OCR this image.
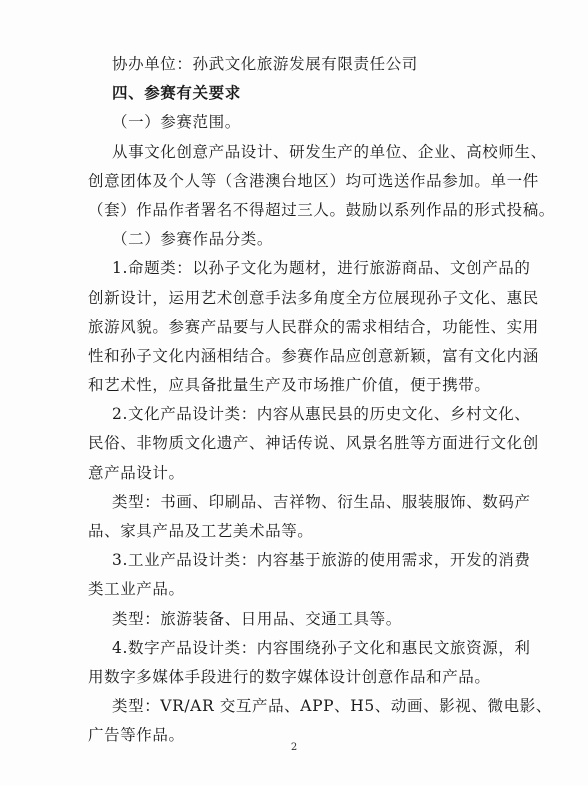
协办单位：孙武文化旅游发展有限责任公司
四、参赛有关要求
（一）参赛范围。
从事文化创意产品设计、研发生产的单位、企业、高校师生、
创意团体及个人等（含港澳台地区）均可选送作品参加。单一件
（套）作品作者署名不得超过三人。鼓励以系列作品的形式投稿。
（二）参赛作品分类。
1.命题类：以孙子文化为题材，进行旅游商品、文创产品的
创新设计，运用艺术创意手法多角度全方位展现孙子文化、惠民
旅游风貌。参赛产品要与人民群众的需求相结合，功能性、实用
性和孙子文化内涵相结合。参赛作品应创意新颖，富有文化内涵
和艺术性，应具备批量生产及市场推广价值，便于携带。
2.文化产品设计类：内容从惠民县的历史文化、乡村文化、
民俗、非物质文化遗产、神话传说、风景名胜等方面进行文化创
意产品设计。
类型：书画、印刷品、吉祥物、衍生品、服装服饰、数码产
品、家具产品及工艺美术品等。
3.工业产品设计类：内容基于旅游的使用需求，开发的消费
类工业产品。
类型：旅游装备、日用品、交通工具等。
4.数字产品设计类：内容围绕孙子文化和惠民文旅资源，利
用数字多媒体手段进行的数字媒体设计创意作品和产品。
类型：VR/AR 交互产品、APP、H5、动画、影视、微电影、
广告等作品。
2
